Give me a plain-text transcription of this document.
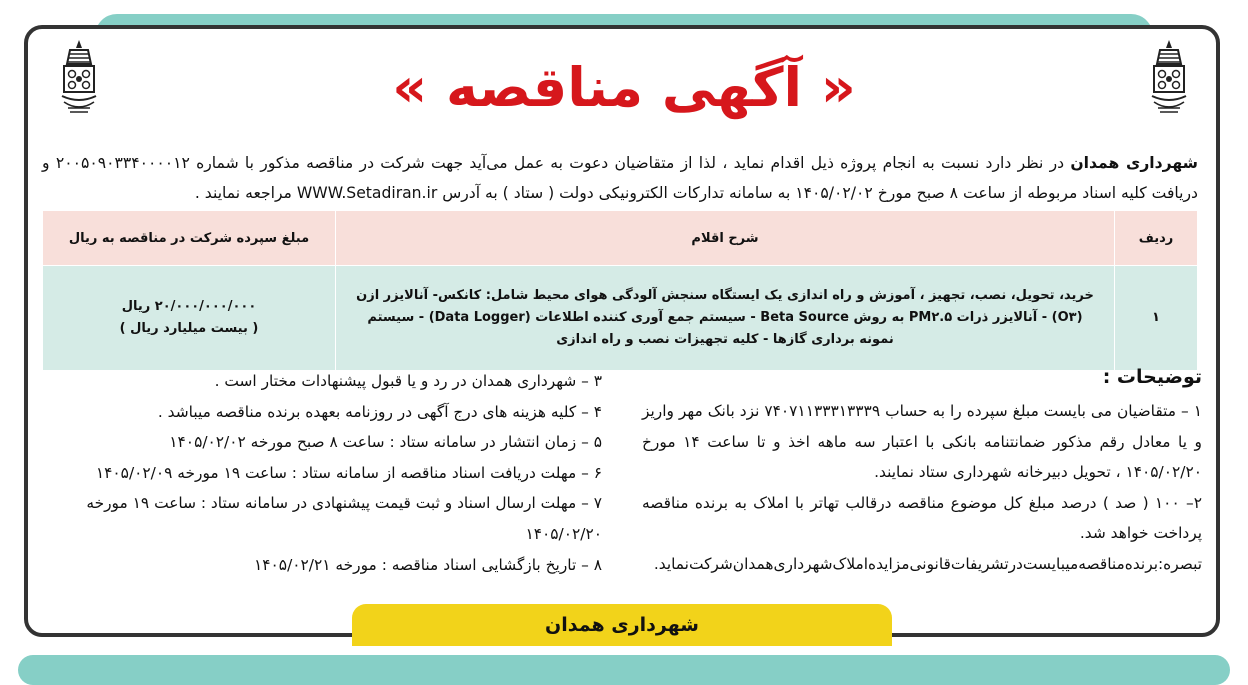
« آگهی مناقصه »
شهرداری همدان در نظر دارد نسبت به انجام پروژه ذیل اقدام نماید ، لذا از متقاضیان دعوت به عمل می‌آید جهت شرکت در مناقصه مذکور با شماره ۲۰۰۵۰۹۰۳۳۴۰۰۰۰۱۲ و دریافت کلیه اسناد مربوطه از ساعت ۸ صبح مورخ ۱۴۰۵/۰۲/۰۲ به سامانه تدارکات الکترونیکی دولت ( ستاد ) به آدرس WWW.Setadiran.ir مراجعه نمایند .
ردیف	شرح اقلام	مبلغ سپرده شرکت در مناقصه به ریال
۱	خرید، تحویل، نصب، تجهیز ، آموزش و راه اندازی یک ایستگاه سنجش آلودگی هوای محیط شامل: کانکس- آنالایزر ازن (O۳) - آنالایزر ذرات PM۲.۵ به روش Beta Source - سیستم جمع آوری کننده اطلاعات (Data Logger) - سیستم نمونه برداری گازها - کلیه تجهیزات نصب و راه اندازی	۲۰/۰۰۰/۰۰۰/۰۰۰ ریال
( بیست میلیارد ریال )
توضیحات :
۱ – متقاضیان می بایست مبلغ سپرده را به حساب ۷۴۰۷۱۱۳۳۳۱۳۳۳۹ نزد بانک مهر واریز و یا معادل رقم مذکور ضمانتنامه بانکی با اعتبار سه ماهه اخذ و تا ساعت ۱۴ مورخ ۱۴۰۵/۰۲/۲۰ ، تحویل دبیرخانه شهرداری ستاد نمایند.
۲– ۱۰۰ ( صد ) درصد مبلغ کل موضوع مناقصه درقالب تهاتر با املاک به برنده مناقصه پرداخت خواهد شد.
تبصره:برنده‌مناقصه‌میبایست‌در‌تشریفات‌قانونی‌مزایده‌املاک‌شهرداری‌همدان‌شرکت‌نماید.
۳ – شهرداری همدان در رد و یا قبول پیشنهادات مختار است .
۴ – کلیه هزینه های درج آگهی در روزنامه بعهده برنده مناقصه میباشد .
۵ – زمان انتشار در سامانه ستاد : ساعت ۸ صبح مورخه ۱۴۰۵/۰۲/۰۲
۶ – مهلت دریافت اسناد مناقصه از سامانه ستاد : ساعت ۱۹ مورخه ۱۴۰۵/۰۲/۰۹
۷ – مهلت ارسال اسناد و ثبت قیمت پیشنهادی در سامانه ستاد : ساعت ۱۹ مورخه ۱۴۰۵/۰۲/۲۰
۸ – تاریخ بازگشایی اسناد مناقصه : مورخه ۱۴۰۵/۰۲/۲۱
شهرداری همدان
